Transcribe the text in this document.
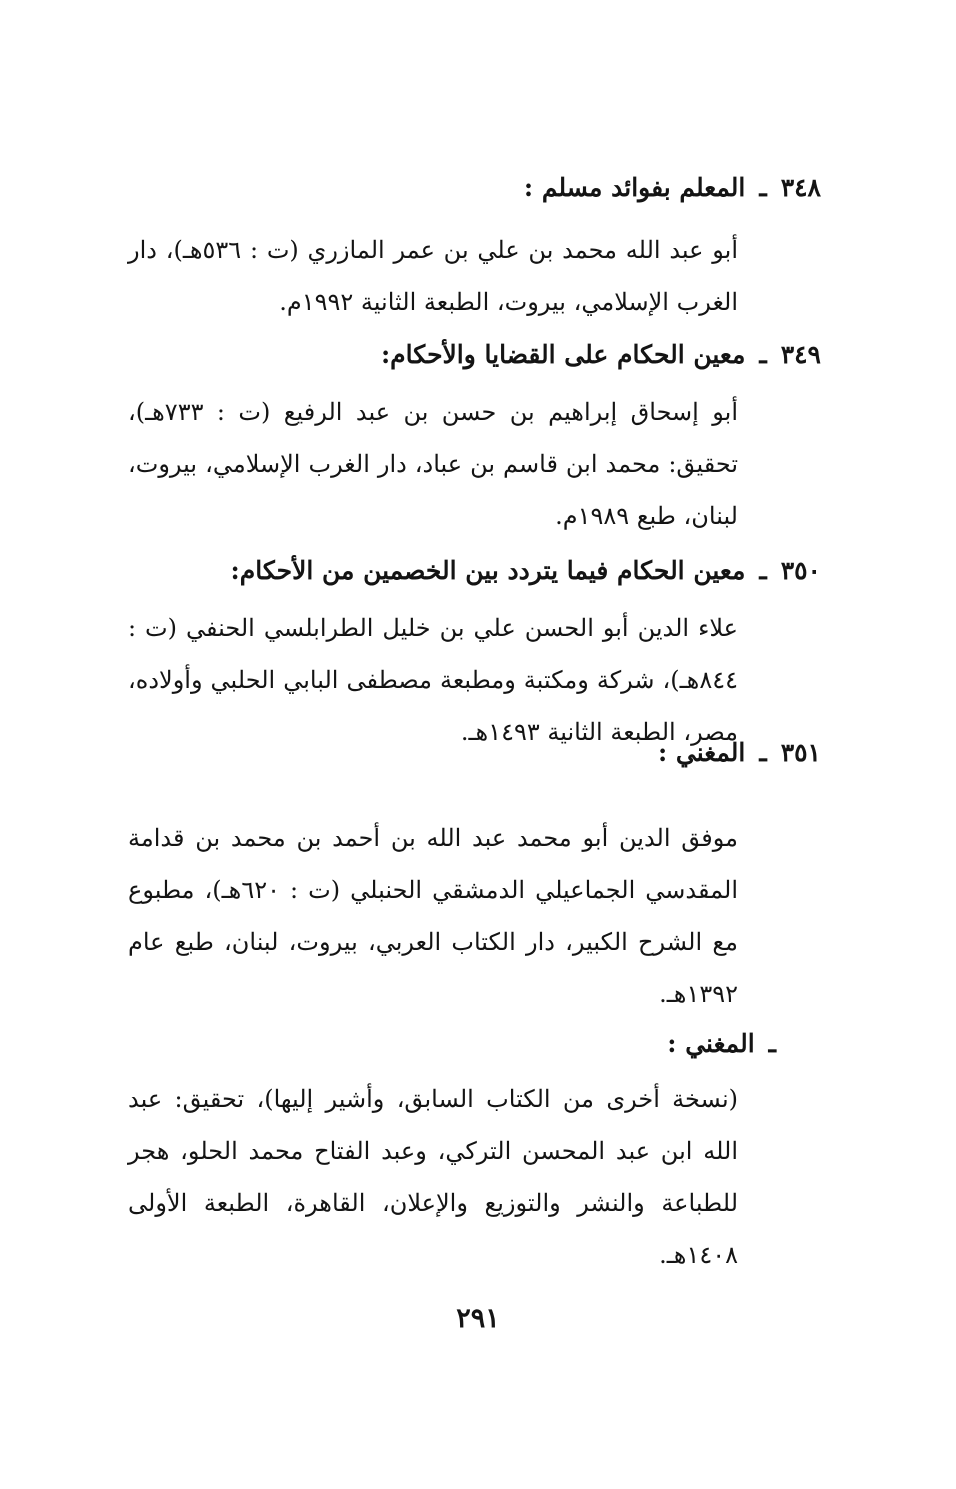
٣٤٨ـالمعلم بفوائد مسلم :
أبو عبد الله محمد بن علي بن عمر المازري (ت : ٥٣٦هـ)، دار الغرب الإسلامي، بيروت، الطبعة الثانية ١٩٩٢م.
٣٤٩ـمعين الحكام على القضايا والأحكام:
أبو إسحاق إبراهيم بن حسن بن عبد الرفيع (ت : ٧٣٣هـ)، تحقيق: محمد ابن قاسم بن عباد، دار الغرب الإسلامي، بيروت، لبنان، طبع ١٩٨٩م.
٣٥٠ـمعين الحكام فيما يتردد بين الخصمين من الأحكام:
علاء الدين أبو الحسن علي بن خليل الطرابلسي الحنفي (ت : ٨٤٤هـ)، شركة ومكتبة ومطبعة مصطفى البابي الحلبي وأولاده، مصر، الطبعة الثانية ١٤٩٣هـ.
٣٥١ـالمغني :
موفق الدين أبو محمد عبد الله بن أحمد بن محمد بن قدامة المقدسي الجماعيلي الدمشقي الحنبلي (ت : ٦٢٠هـ)، مطبوع مع الشرح الكبير، دار الكتاب العربي، بيروت، لبنان، طبع عام ١٣٩٢هـ.
ـالمغني :
(نسخة أخرى من الكتاب السابق، وأشير إليها)، تحقيق: عبد الله ابن عبد المحسن التركي، وعبد الفتاح محمد الحلو، هجر للطباعة والنشر والتوزيع والإعلان، القاهرة، الطبعة الأولى ١٤٠٨هـ.
٢٩١
